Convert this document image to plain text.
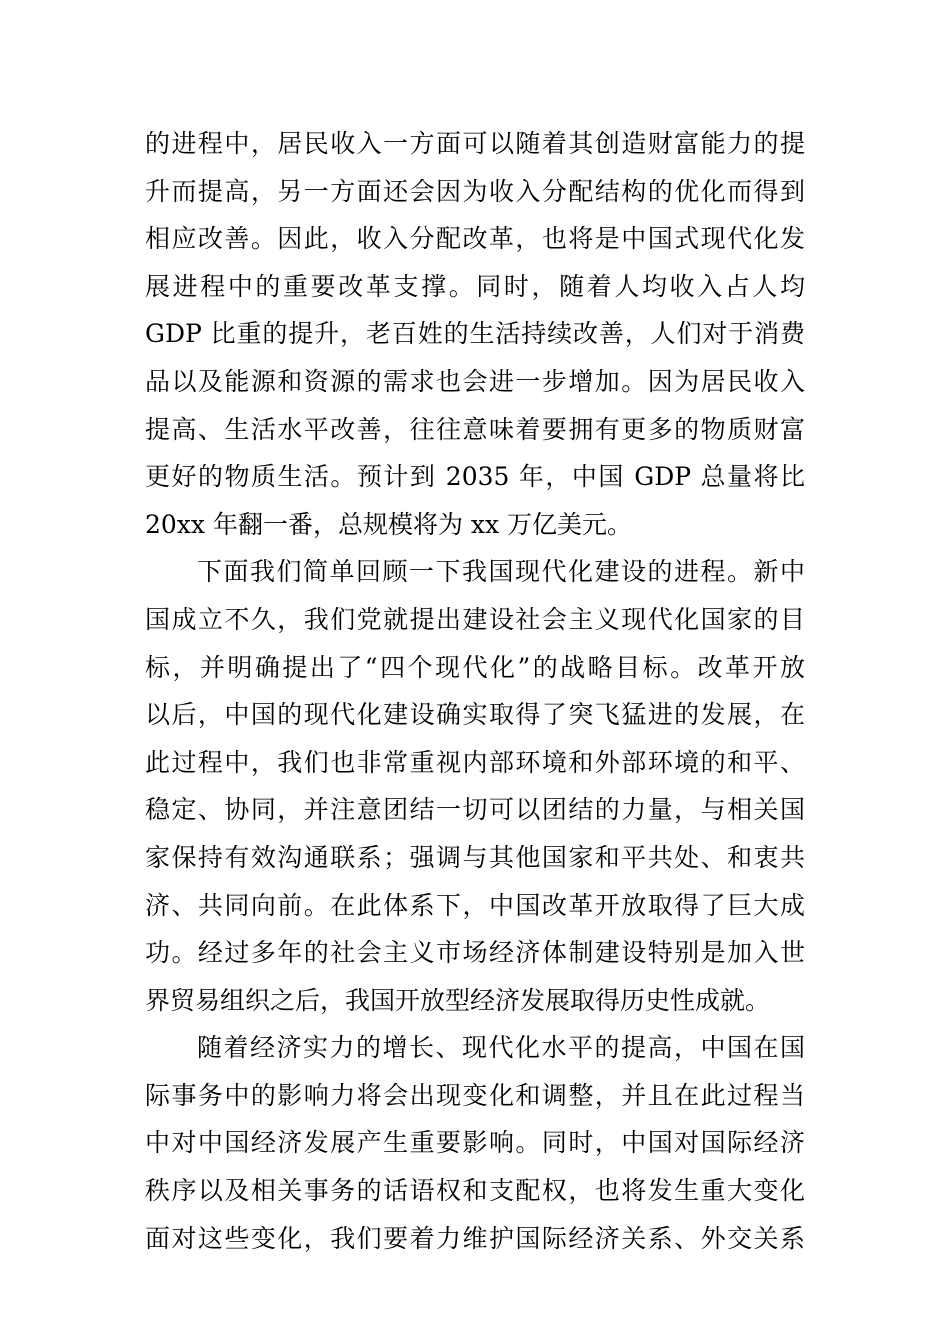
的进程中，居民收入一方面可以随着其创造财富能力的提
升而提高，另一方面还会因为收入分配结构的优化而得到
相应改善。因此，收入分配改革，也将是中国式现代化发
展进程中的重要改革支撑。同时，随着人均收入占人均
GDP 比重的提升，老百姓的生活持续改善，人们对于消费
品以及能源和资源的需求也会进一步增加。因为居民收入
提高、生活水平改善，往往意味着要拥有更多的物质财富
更好的物质生活。预计到 2035 年，中国 GDP 总量将比
20xx 年翻一番，总规模将为 xx 万亿美元。
下面我们简单回顾一下我国现代化建设的进程。新中
国成立不久，我们党就提出建设社会主义现代化国家的目
标，并明确提出了“四个现代化”的战略目标。改革开放
以后，中国的现代化建设确实取得了突飞猛进的发展，在
此过程中，我们也非常重视内部环境和外部环境的和平、
稳定、协同，并注意团结一切可以团结的力量，与相关国
家保持有效沟通联系；强调与其他国家和平共处、和衷共
济、共同向前。在此体系下，中国改革开放取得了巨大成
功。经过多年的社会主义市场经济体制建设特别是加入世
界贸易组织之后，我国开放型经济发展取得历史性成就。
随着经济实力的增长、现代化水平的提高，中国在国
际事务中的影响力将会出现变化和调整，并且在此过程当
中对中国经济发展产生重要影响。同时，中国对国际经济
秩序以及相关事务的话语权和支配权，也将发生重大变化
面对这些变化，我们要着力维护国际经济关系、外交关系
